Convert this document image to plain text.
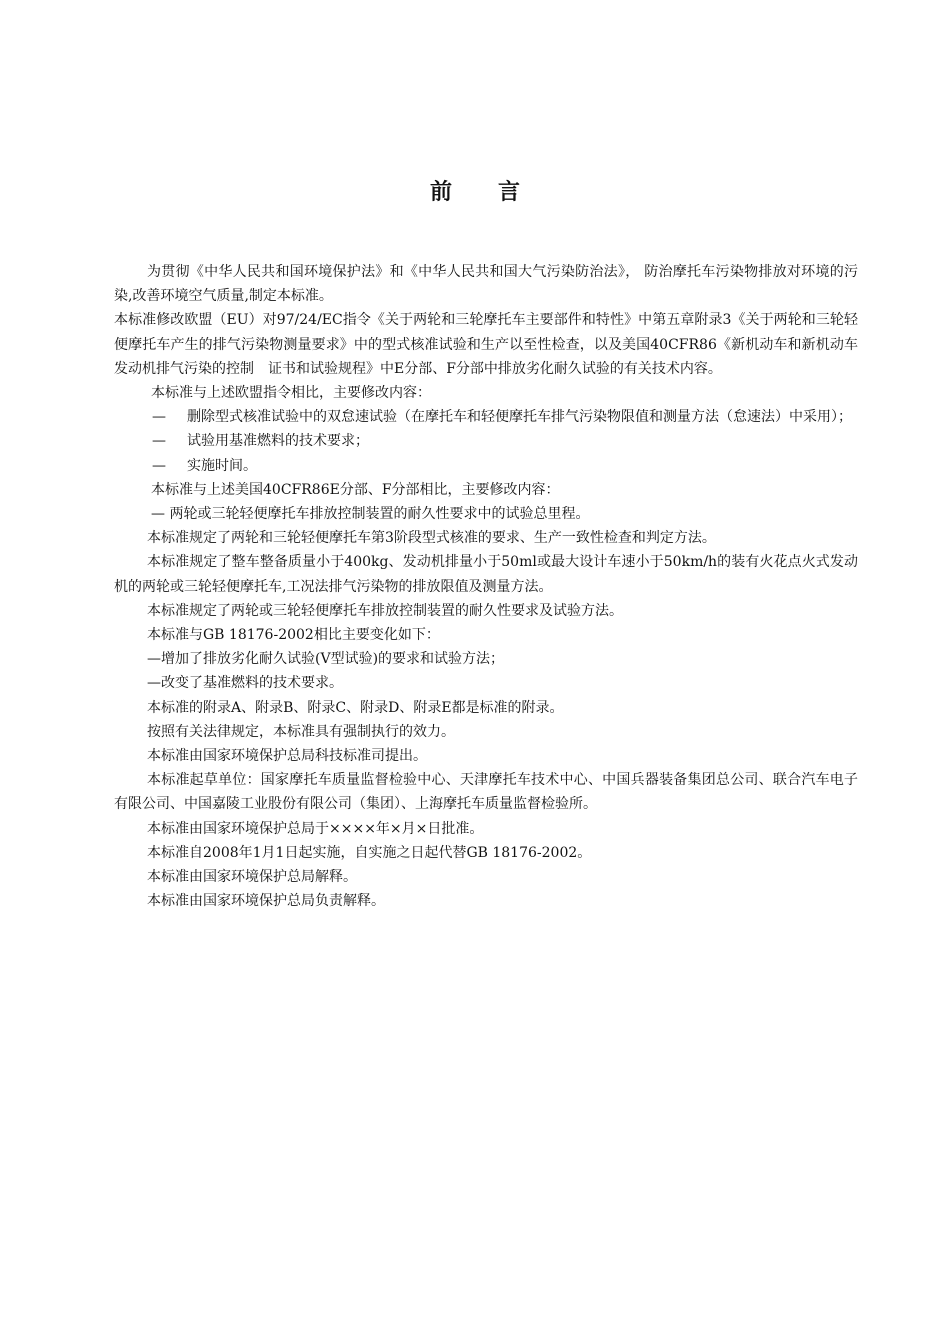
前言

为贯彻《中华人民共和国环境保护法》和《中华人民共和国大气污染防治法》， 防治摩托车污染物排放对环境的污染,改善环境空气质量,制定本标准。

本标准修改欧盟（EU）对97/24/EC指令《关于两轮和三轮摩托车主要部件和特性》中第五章附录3《关于两轮和三轮轻便摩托车产生的排气污染物测量要求》中的型式核准试验和生产以至性检查，以及美国40CFR86《新机动车和新机动车发动机排气污染的控制　证书和试验规程》中E分部、F分部中排放劣化耐久试验的有关技术内容。

本标准与上述欧盟指令相比，主要修改内容：

—	删除型式核准试验中的双怠速试验（在摩托车和轻便摩托车排气污染物限值和测量方法（怠速法）中采用）；
—	试验用基准燃料的技术要求；
—	实施时间。

本标准与上述美国40CFR86E分部、F分部相比，主要修改内容：

— 两轮或三轮轻便摩托车排放控制装置的耐久性要求中的试验总里程。

本标准规定了两轮和三轮轻便摩托车第3阶段型式核准的要求、生产一致性检查和判定方法。

本标准规定了整车整备质量小于400kg、发动机排量小于50ml或最大设计车速小于50km/h的装有火花点火式发动机的两轮或三轮轻便摩托车,工况法排气污染物的排放限值及测量方法。

本标准规定了两轮或三轮轻便摩托车排放控制装置的耐久性要求及试验方法。

本标准与GB 18176-2002相比主要变化如下：

—增加了排放劣化耐久试验(Ⅴ型试验)的要求和试验方法；

—改变了基准燃料的技术要求。

本标准的附录A、附录B、附录C、附录D、附录E都是标准的附录。

按照有关法律规定，本标准具有强制执行的效力。

本标准由国家环境保护总局科技标准司提出。

本标准起草单位：国家摩托车质量监督检验中心、天津摩托车技术中心、中国兵器装备集团总公司、联合汽车电子有限公司、中国嘉陵工业股份有限公司（集团）、上海摩托车质量监督检验所。

本标准由国家环境保护总局于××××年×月×日批准。

本标准自2008年1月1日起实施，自实施之日起代替GB 18176-2002。

本标准由国家环境保护总局解释。

本标准由国家环境保护总局负责解释。
